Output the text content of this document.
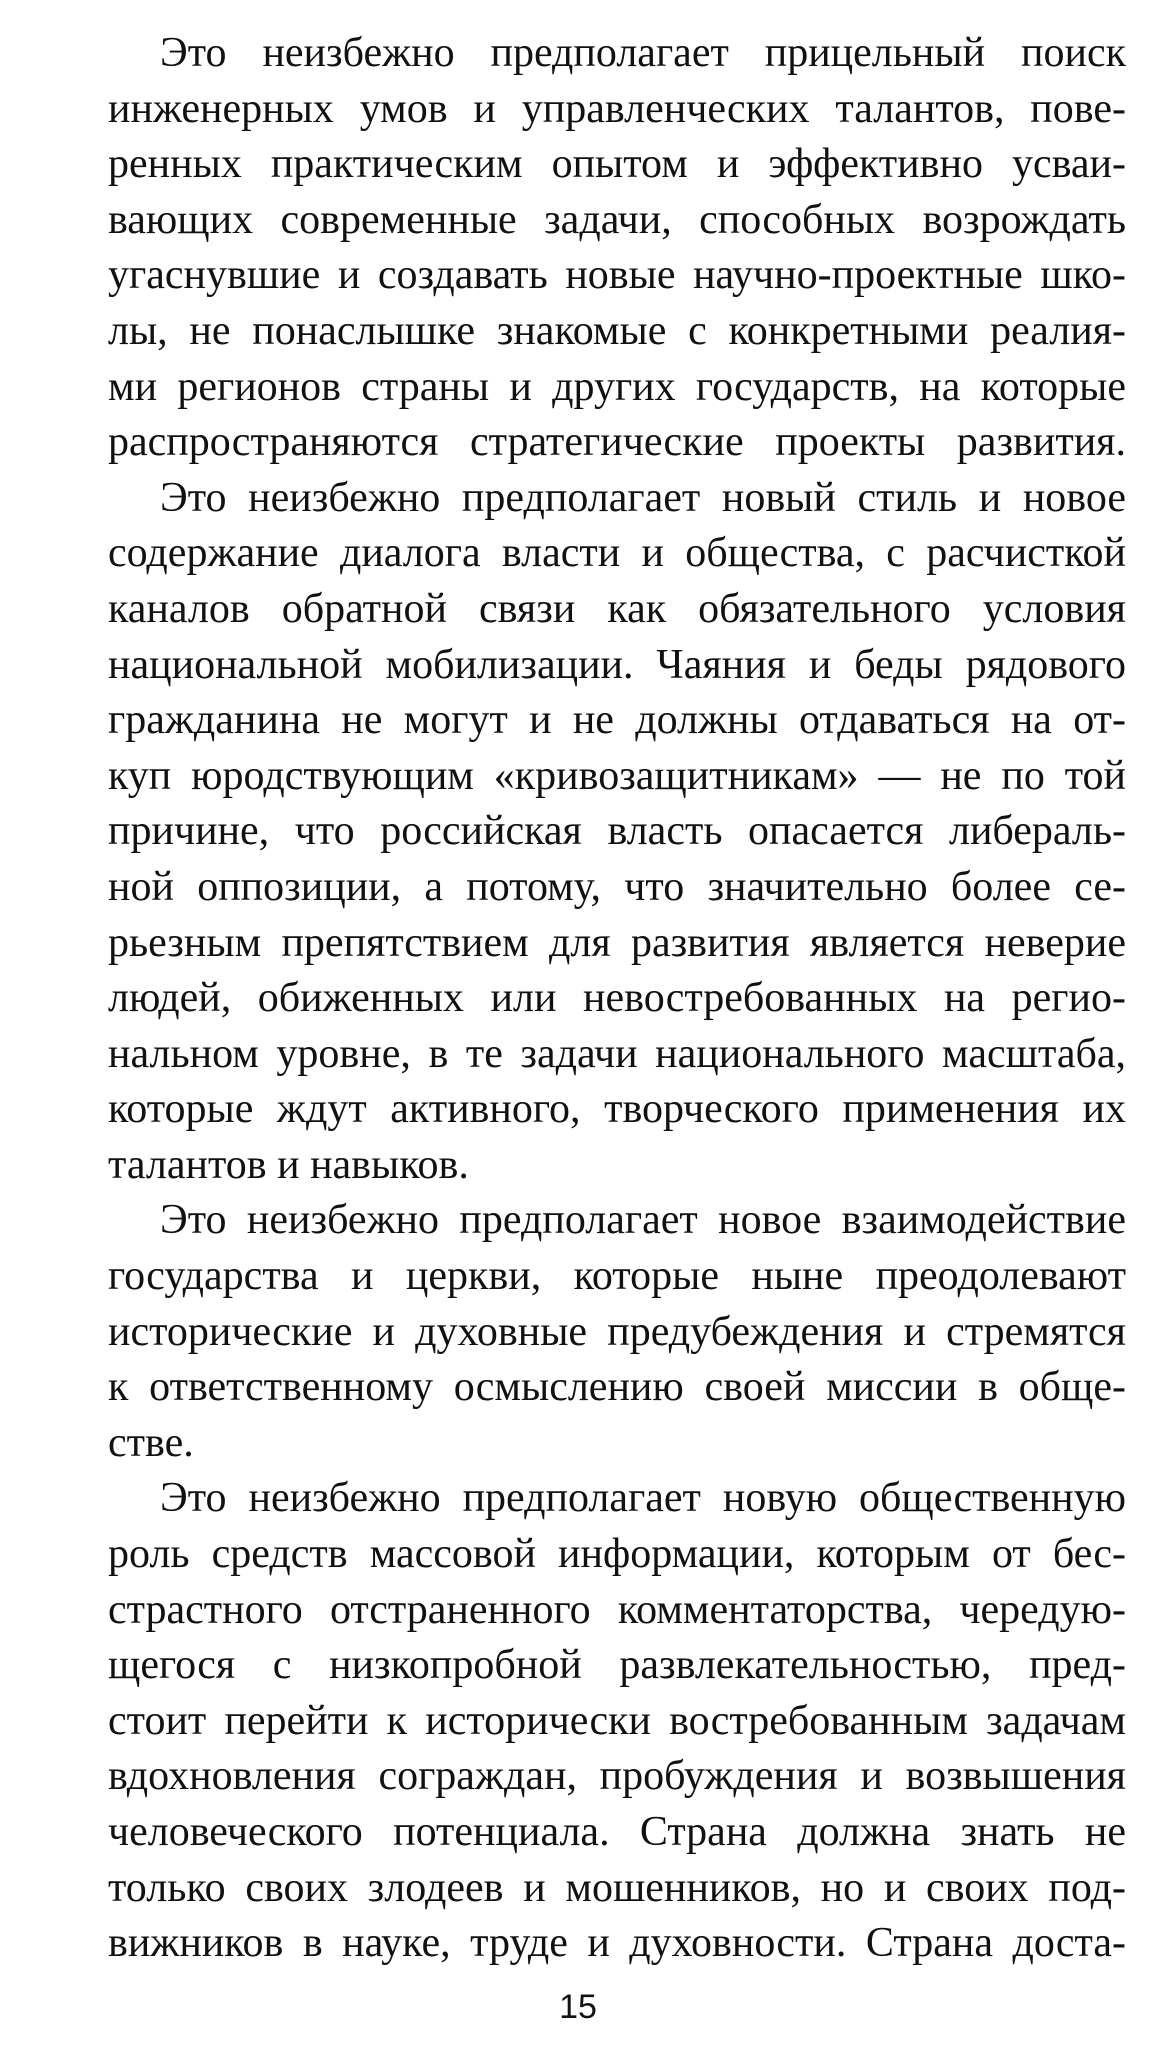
Это неизбежно предполагает прицельный поиск
инженерных умов и управленческих талантов, пове-
ренных практическим опытом и эффективно усваи-
вающих современные задачи, способных возрождать
угаснувшие и создавать новые научно-проектные шко-
лы, не понаслышке знакомые с конкретными реалия-
ми регионов страны и других государств, на которые
распространяются стратегические проекты развития.
Это неизбежно предполагает новый стиль и новое
содержание диалога власти и общества, с расчисткой
каналов обратной связи как обязательного условия
национальной мобилизации. Чаяния и беды рядового
гражданина не могут и не должны отдаваться на от-
куп юродствующим «кривозащитникам» — не по той
причине, что российская власть опасается либераль-
ной оппозиции, а потому, что значительно более се-
рьезным препятствием для развития является неверие
людей, обиженных или невостребованных на регио-
нальном уровне, в те задачи национального масштаба,
которые ждут активного, творческого применения их
талантов и навыков.
Это неизбежно предполагает новое взаимодействие
государства и церкви, которые ныне преодолевают
исторические и духовные предубеждения и стремятся
к ответственному осмыслению своей миссии в обще-
стве.
Это неизбежно предполагает новую общественную
роль средств массовой информации, которым от бес-
страстного отстраненного комментаторства, чередую-
щегося с низкопробной развлекательностью, пред-
стоит перейти к исторически востребованным задачам
вдохновления сограждан, пробуждения и возвышения
человеческого потенциала. Страна должна знать не
только своих злодеев и мошенников, но и своих под-
вижников в науке, труде и духовности. Страна доста-
15
